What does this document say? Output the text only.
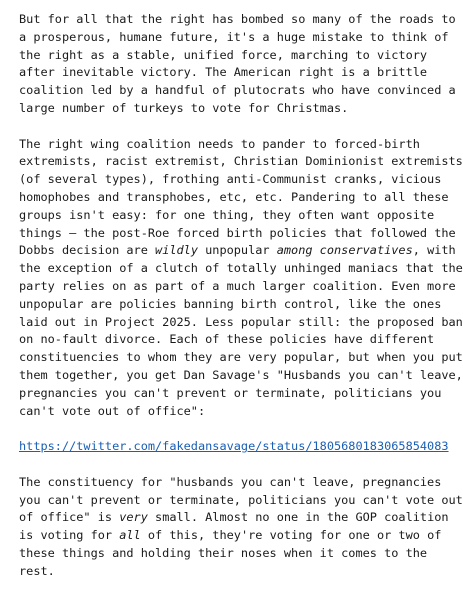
But for all that the right has bombed so many of the roads to
a prosperous, humane future, it's a huge mistake to think of
the right as a stable, unified force, marching to victory
after inevitable victory. The American right is a brittle
coalition led by a handful of plutocrats who have convinced a
large number of turkeys to vote for Christmas.
The right wing coalition needs to pander to forced-birth
extremists, racist extremist, Christian Dominionist extremists
(of several types), frothing anti-Communist cranks, vicious
homophobes and transphobes, etc, etc. Pandering to all these
groups isn't easy: for one thing, they often want opposite
things – the post-Roe forced birth policies that followed the
Dobbs decision are wildly unpopular among conservatives, with
the exception of a clutch of totally unhinged maniacs that the
party relies on as part of a much larger coalition. Even more
unpopular are policies banning birth control, like the ones
laid out in Project 2025. Less popular still: the proposed ban
on no-fault divorce. Each of these policies have different
constituencies to whom they are very popular, but when you put
them together, you get Dan Savage's "Husbands you can't leave,
pregnancies you can't prevent or terminate, politicians you
can't vote out of office":
https://twitter.com/fakedansavage/status/1805680183065854083
The constituency for "husbands you can't leave, pregnancies
you can't prevent or terminate, politicians you can't vote out
of office" is very small. Almost no one in the GOP coalition
is voting for all of this, they're voting for one or two of
these things and holding their noses when it comes to the
rest.
